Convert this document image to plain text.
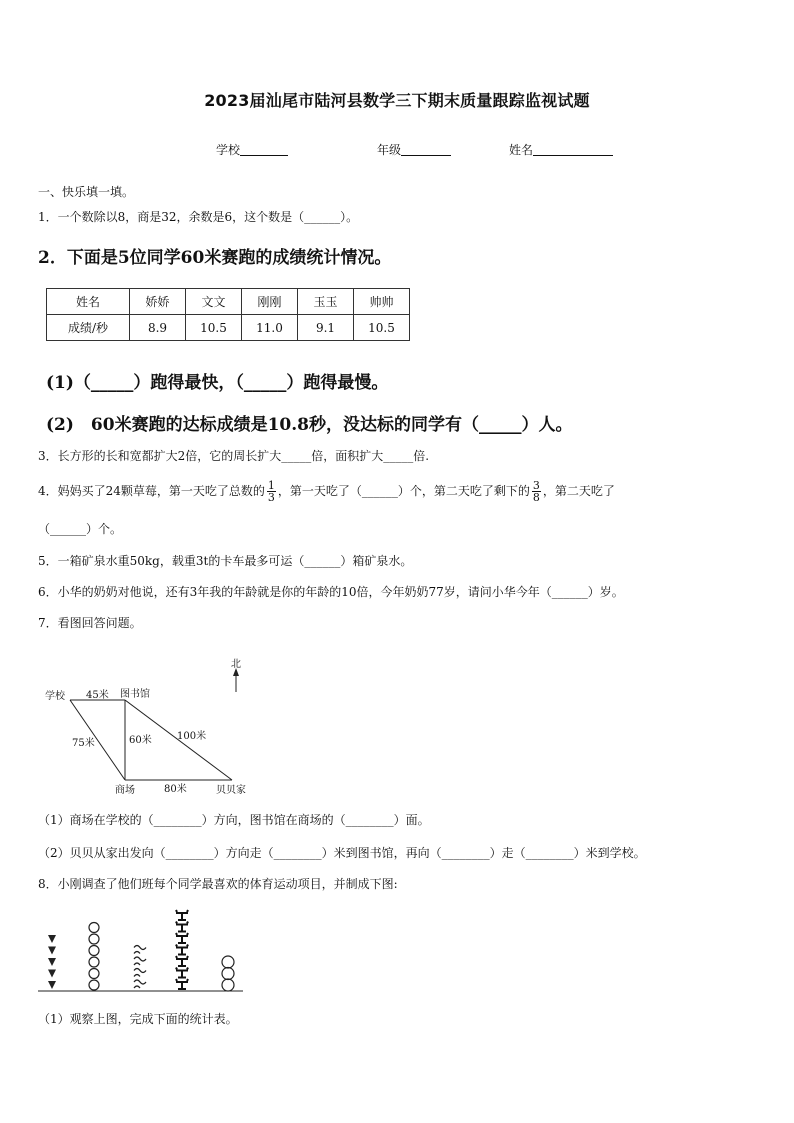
2023届汕尾市陆河县数学三下期末质量跟踪监视试题
学校	年级	姓名
一、快乐填一填。
1．一个数除以8，商是32，余数是6，这个数是（______）。
2．下面是5位同学60米赛跑的成绩统计情况。
姓名	娇娇	文文	刚刚	玉玉	帅帅
成绩/秒	8.9	10.5	11.0	9.1	10.5
(1)（_____）跑得最快，（_____）跑得最慢。
(2)　60米赛跑的达标成绩是10.8秒，没达标的同学有（_____）人。
3．长方形的长和宽都扩大2倍，它的周长扩大_____倍，面积扩大_____倍.
4．妈妈买了24颗草莓，第一天吃了总数的 $\frac{1}{3}$ ，第一天吃了（______）个，第二天吃了剩下的 $\frac{3}{8}$ ，第二天吃了
（______）个。
5．一箱矿泉水重50kg，载重3t的卡车最多可运（______）箱矿泉水。
6．小华的奶奶对他说，还有3年我的年龄就是你的年龄的10倍，今年奶奶77岁，请问小华今年（______）岁。
7．看图回答问题。
北
学校	图书馆
商场	贝贝家
45米
75米	60米	100米
80米
（1）商场在学校的（________）方向，图书馆在商场的（________）面。
（2）贝贝从家出发向（________）方向走（________）米到图书馆，再向（________）走（________）米到学校。
8．小刚调查了他们班每个同学最喜欢的体育运动项目，并制成下图:
（1）观察上图，完成下面的统计表。
